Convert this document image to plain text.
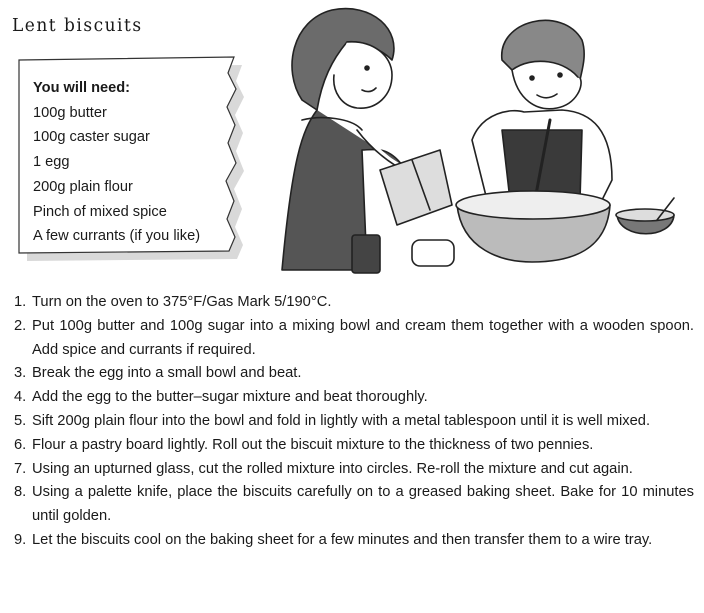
Lent biscuits
You will need:
100g butter
100g caster sugar
1 egg
200g plain flour
Pinch of mixed spice
A few currants (if you like)
1. Turn on the oven to 375°F/Gas Mark 5/190°C.
2. Put 100g butter and 100g sugar into a mixing bowl and cream them together with a wooden spoon. Add spice and currants if required.
3. Break the egg into a small bowl and beat.
4. Add the egg to the butter–sugar mixture and beat thoroughly.
5. Sift 200g plain flour into the bowl and fold in lightly with a metal tablespoon until it is well mixed.
6. Flour a pastry board lightly. Roll out the biscuit mixture to the thickness of two pennies.
7. Using an upturned glass, cut the rolled mixture into circles. Re-roll the mixture and cut again.
8. Using a palette knife, place the biscuits carefully on to a greased baking sheet. Bake for 10 minutes until golden.
9. Let the biscuits cool on the baking sheet for a few minutes and then transfer them to a wire tray.
